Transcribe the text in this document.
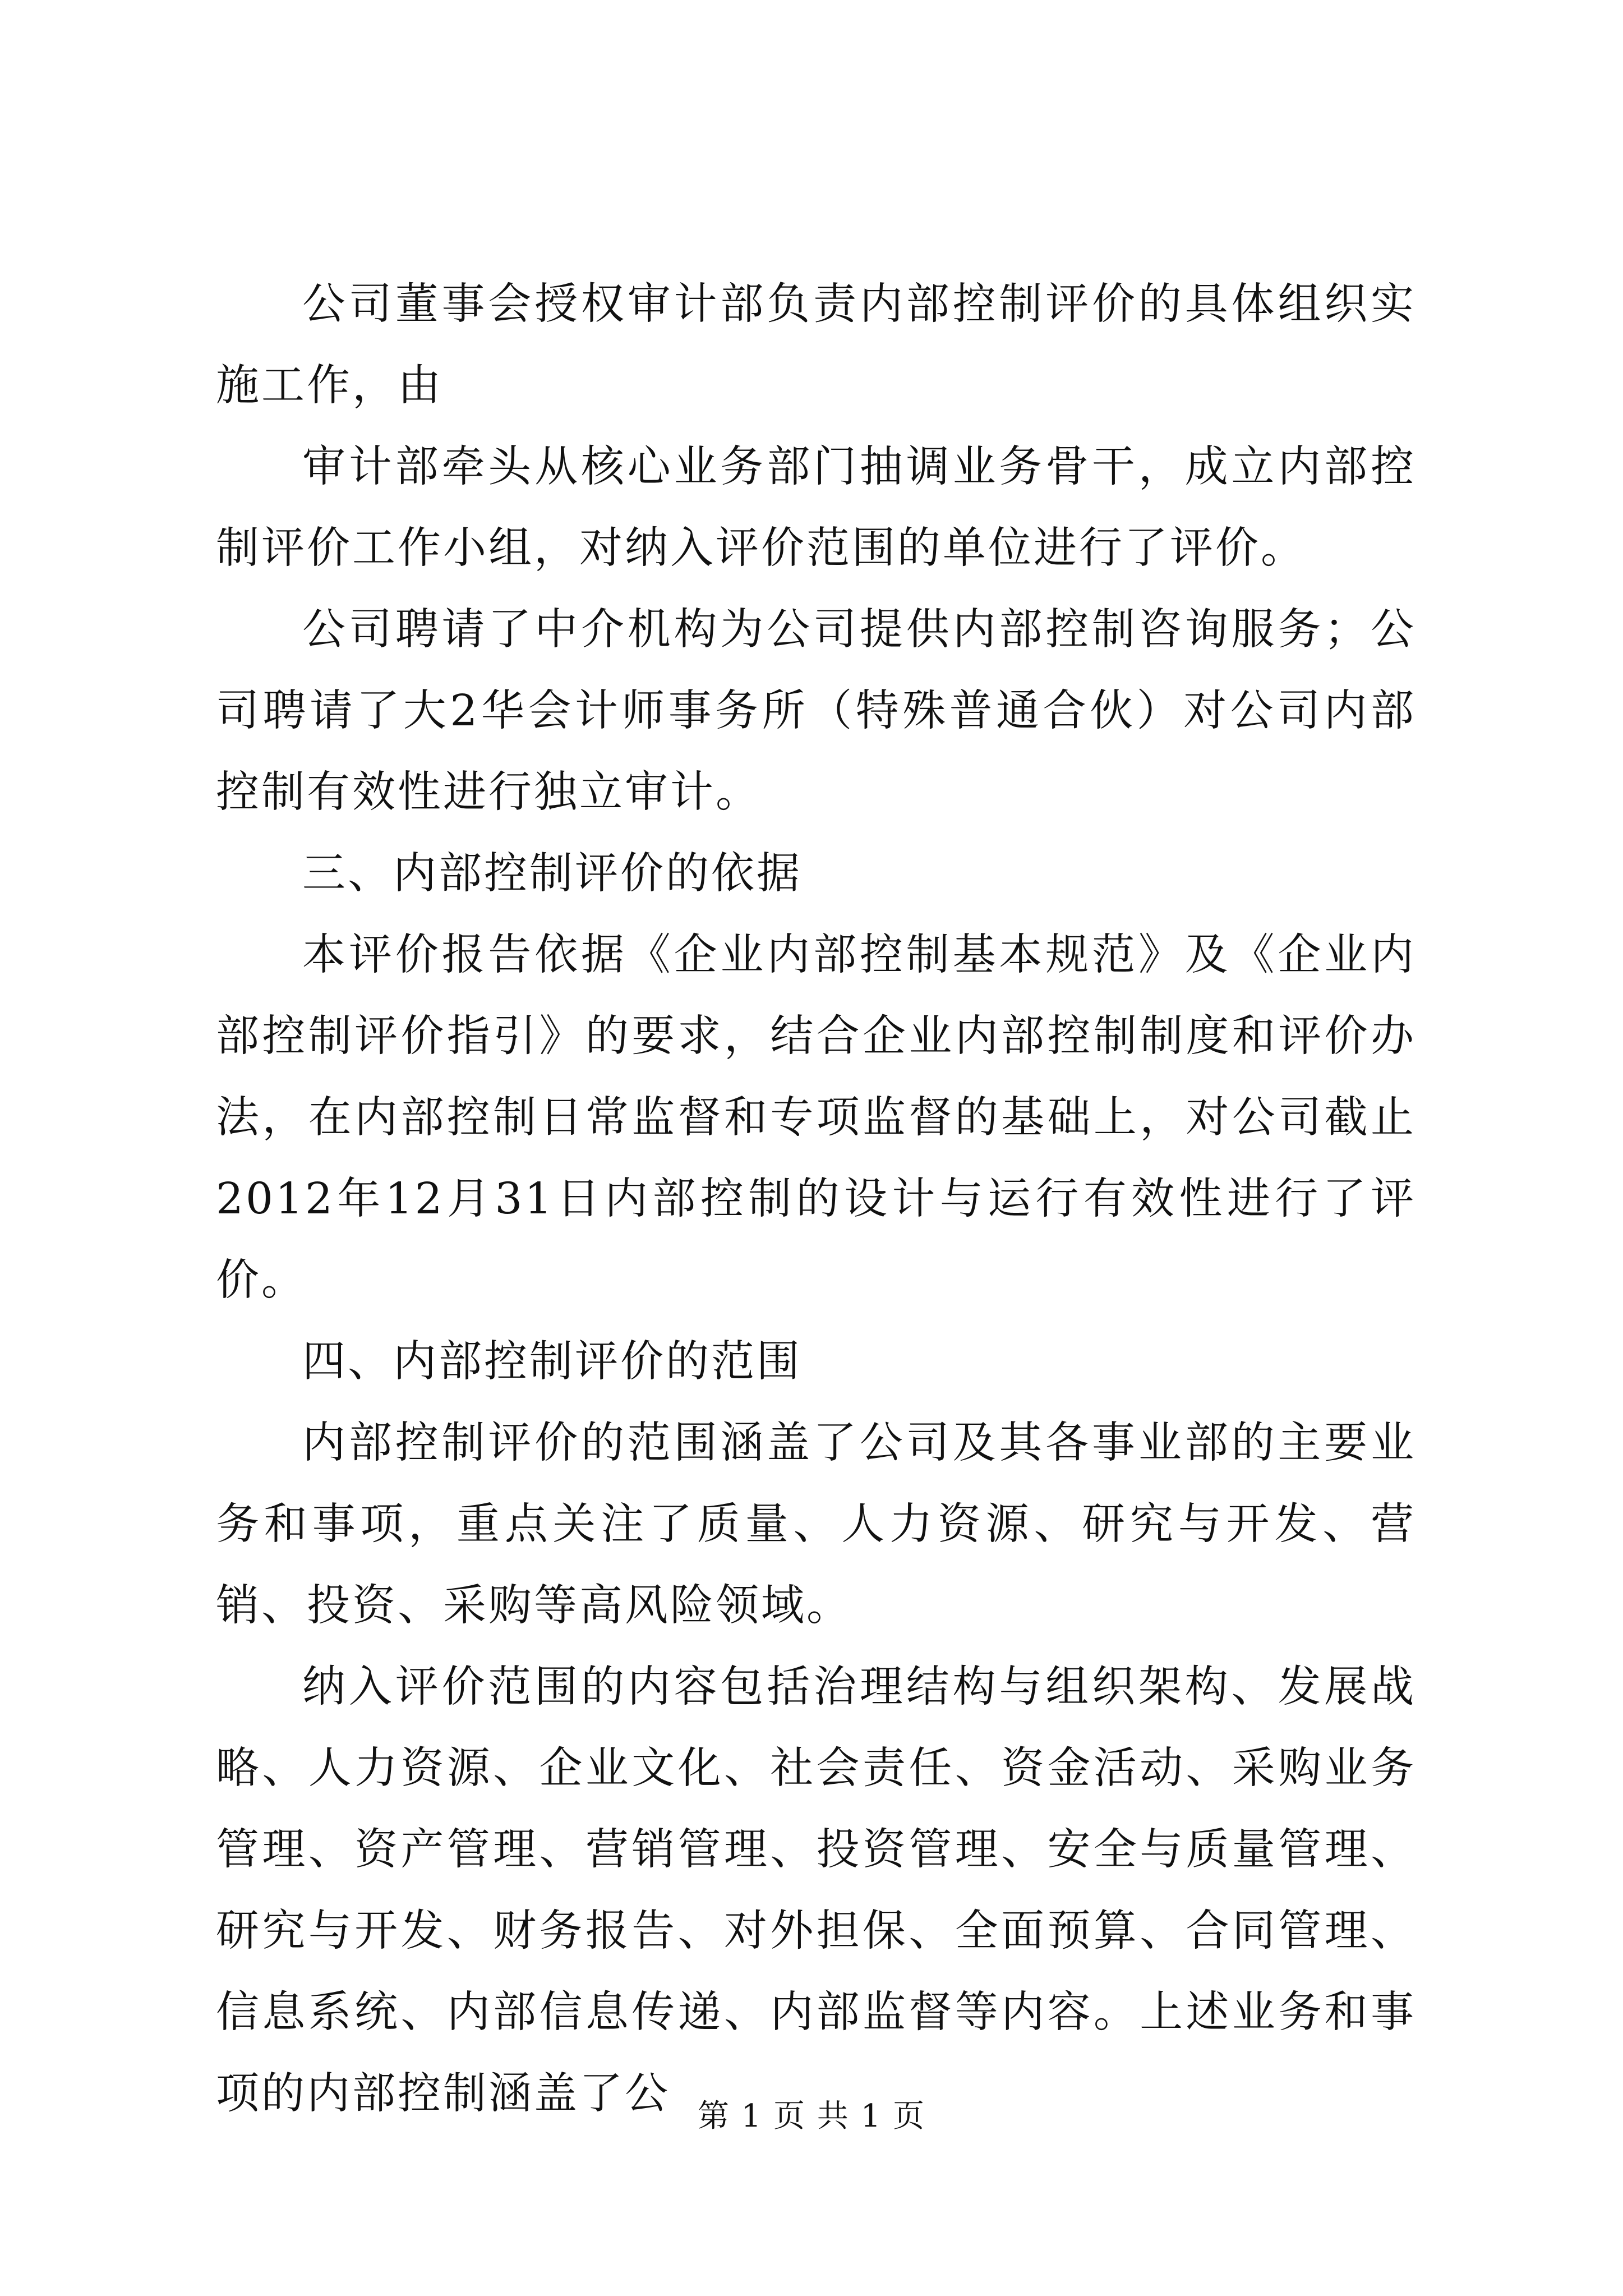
公司董事会授权审计部负责内部控制评价的具体组织实施工作，由

审计部牵头从核心业务部门抽调业务骨干，成立内部控制评价工作小组，对纳入评价范围的单位进行了评价。

公司聘请了中介机构为公司提供内部控制咨询服务；公司聘请了大2华会计师事务所（特殊普通合伙）对公司内部控制有效性进行独立审计。

三、内部控制评价的依据

本评价报告依据《企业内部控制基本规范》及《企业内部控制评价指引》的要求，结合企业内部控制制度和评价办法，在内部控制日常监督和专项监督的基础上，对公司截止2012年12月31日内部控制的设计与运行有效性进行了评价。

四、内部控制评价的范围

内部控制评价的范围涵盖了公司及其各事业部的主要业务和事项，重点关注了质量、人力资源、研究与开发、营销、投资、采购等高风险领域。

纳入评价范围的内容包括治理结构与组织架构、发展战略、人力资源、企业文化、社会责任、资金活动、采购业务管理、资产管理、营销管理、投资管理、安全与质量管理、研究与开发、财务报告、对外担保、全面预算、合同管理、信息系统、内部信息传递、内部监督等内容。上述业务和事项的内部控制涵盖了公 第 1 页 共 1 页
